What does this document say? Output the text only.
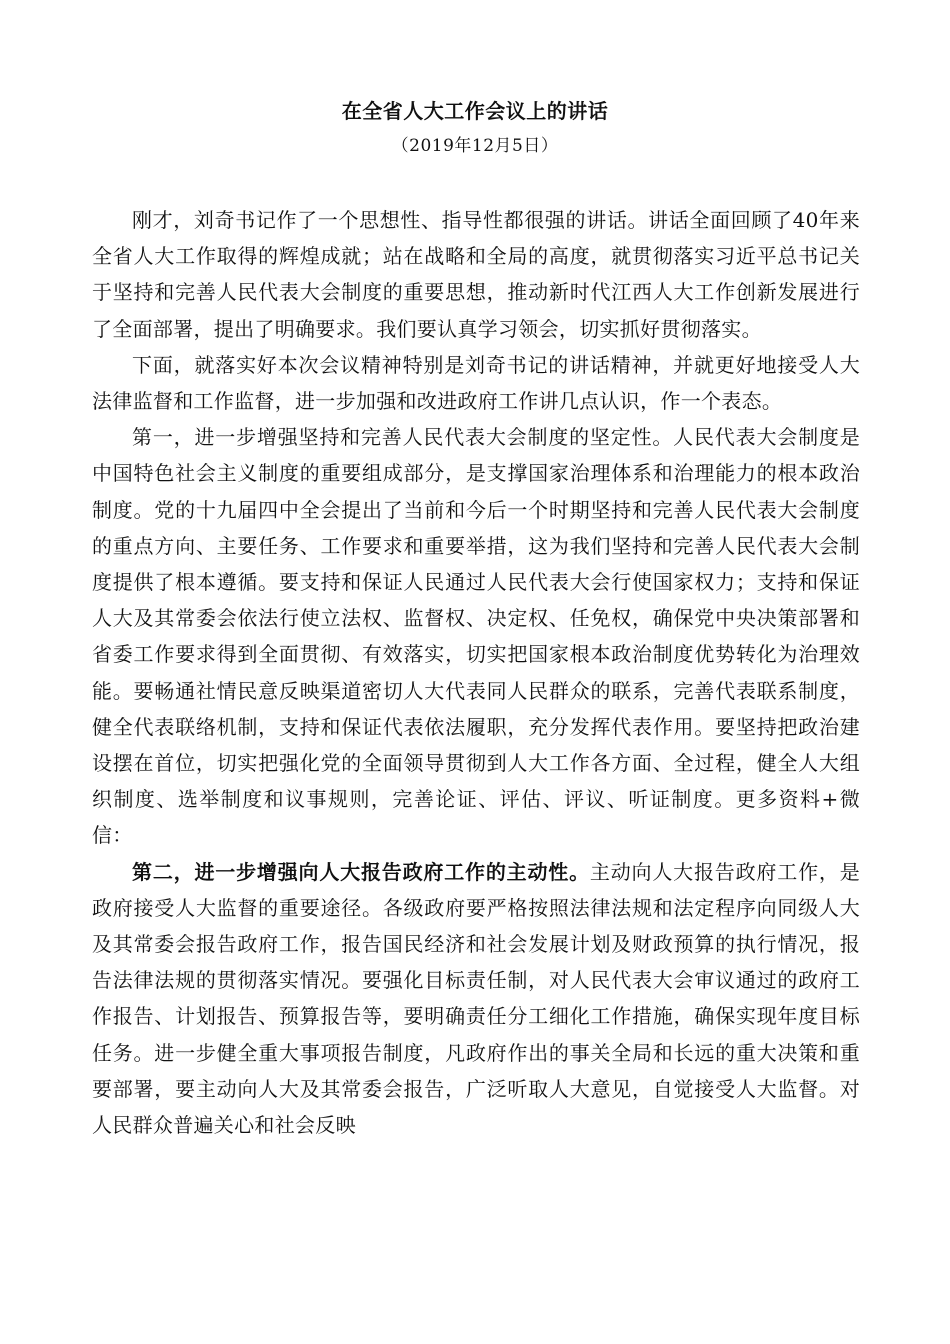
在全省人大工作会议上的讲话
（2019年12月5日）

刚才，刘奇书记作了一个思想性、指导性都很强的讲话。讲话全面回顾了40年来全省人大工作取得的辉煌成就；站在战略和全局的高度，就贯彻落实习近平总书记关于坚持和完善人民代表大会制度的重要思想，推动新时代江西人大工作创新发展进行了全面部署，提出了明确要求。我们要认真学习领会，切实抓好贯彻落实。

下面，就落实好本次会议精神特别是刘奇书记的讲话精神，并就更好地接受人大法律监督和工作监督，进一步加强和改进政府工作讲几点认识，作一个表态。

第一，进一步增强坚持和完善人民代表大会制度的坚定性。人民代表大会制度是中国特色社会主义制度的重要组成部分，是支撑国家治理体系和治理能力的根本政治制度。党的十九届四中全会提出了当前和今后一个时期坚持和完善人民代表大会制度的重点方向、主要任务、工作要求和重要举措，这为我们坚持和完善人民代表大会制度提供了根本遵循。要支持和保证人民通过人民代表大会行使国家权力；支持和保证人大及其常委会依法行使立法权、监督权、决定权、任免权，确保党中央决策部署和省委工作要求得到全面贯彻、有效落实，切实把国家根本政治制度优势转化为治理效能。要畅通社情民意反映渠道密切人大代表同人民群众的联系，完善代表联系制度，健全代表联络机制，支持和保证代表依法履职，充分发挥代表作用。要坚持把政治建设摆在首位，切实把强化党的全面领导贯彻到人大工作各方面、全过程，健全人大组织制度、选举制度和议事规则，完善论证、评估、评议、听证制度。更多资料+微信：

第二，进一步增强向人大报告政府工作的主动性。主动向人大报告政府工作，是政府接受人大监督的重要途径。各级政府要严格按照法律法规和法定程序向同级人大及其常委会报告政府工作，报告国民经济和社会发展计划及财政预算的执行情况，报告法律法规的贯彻落实情况。要强化目标责任制，对人民代表大会审议通过的政府工作报告、计划报告、预算报告等，要明确责任分工细化工作措施，确保实现年度目标任务。进一步健全重大事项报告制度，凡政府作出的事关全局和长远的重大决策和重要部署，要主动向人大及其常委会报告，广泛听取人大意见，自觉接受人大监督。对人民群众普遍关心和社会反映
